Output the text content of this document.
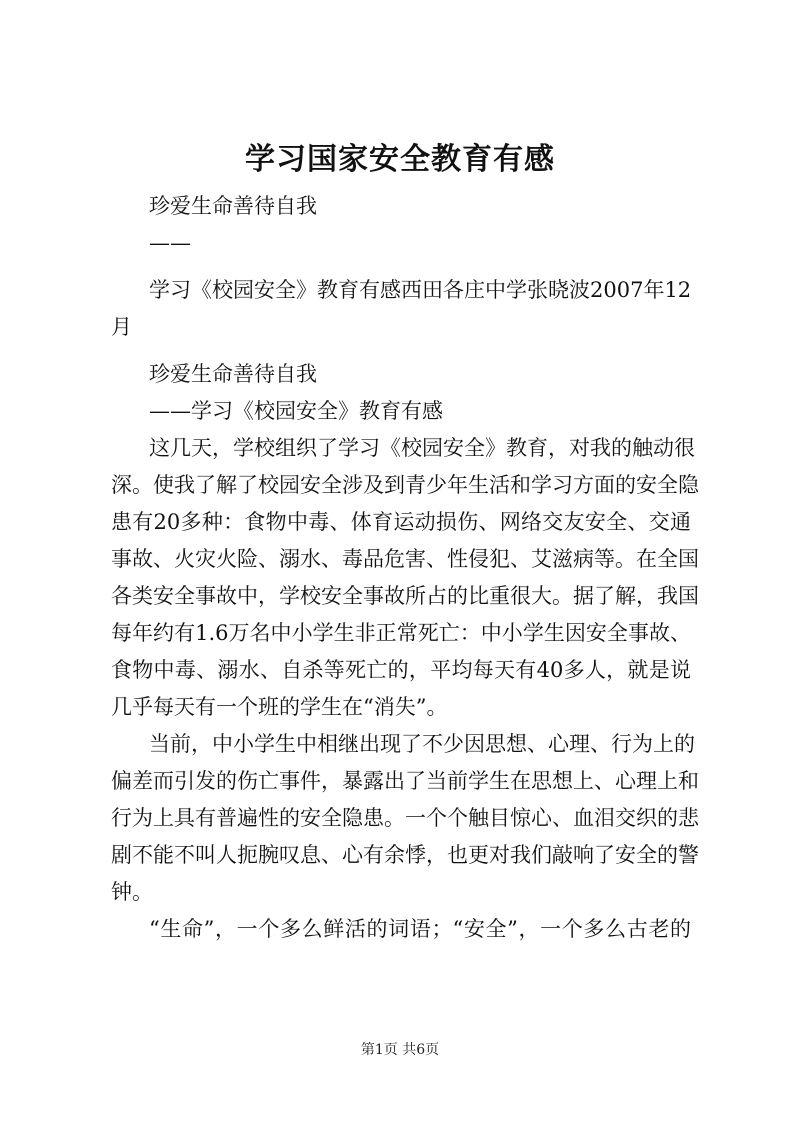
学习国家安全教育有感
珍爱生命善待自我
——
学习《校园安全》教育有感西田各庄中学张晓波2007年12
月
珍爱生命善待自我
——学习《校园安全》教育有感
这几天，学校组织了学习《校园安全》教育，对我的触动很
深。使我了解了校园安全涉及到青少年生活和学习方面的安全隐
患有20多种：食物中毒、体育运动损伤、网络交友安全、交通
事故、火灾火险、溺水、毒品危害、性侵犯、艾滋病等。在全国
各类安全事故中，学校安全事故所占的比重很大。据了解，我国
每年约有1.6万名中小学生非正常死亡：中小学生因安全事故、
食物中毒、溺水、自杀等死亡的，平均每天有40多人，就是说
几乎每天有一个班的学生在“消失”。
当前，中小学生中相继出现了不少因思想、心理、行为上的
偏差而引发的伤亡事件，暴露出了当前学生在思想上、心理上和
行为上具有普遍性的安全隐患。一个个触目惊心、血泪交织的悲
剧不能不叫人扼腕叹息、心有余悸，也更对我们敲响了安全的警
钟。
“生命”，一个多么鲜活的词语；“安全”，一个多么古老的
第1页 共6页
